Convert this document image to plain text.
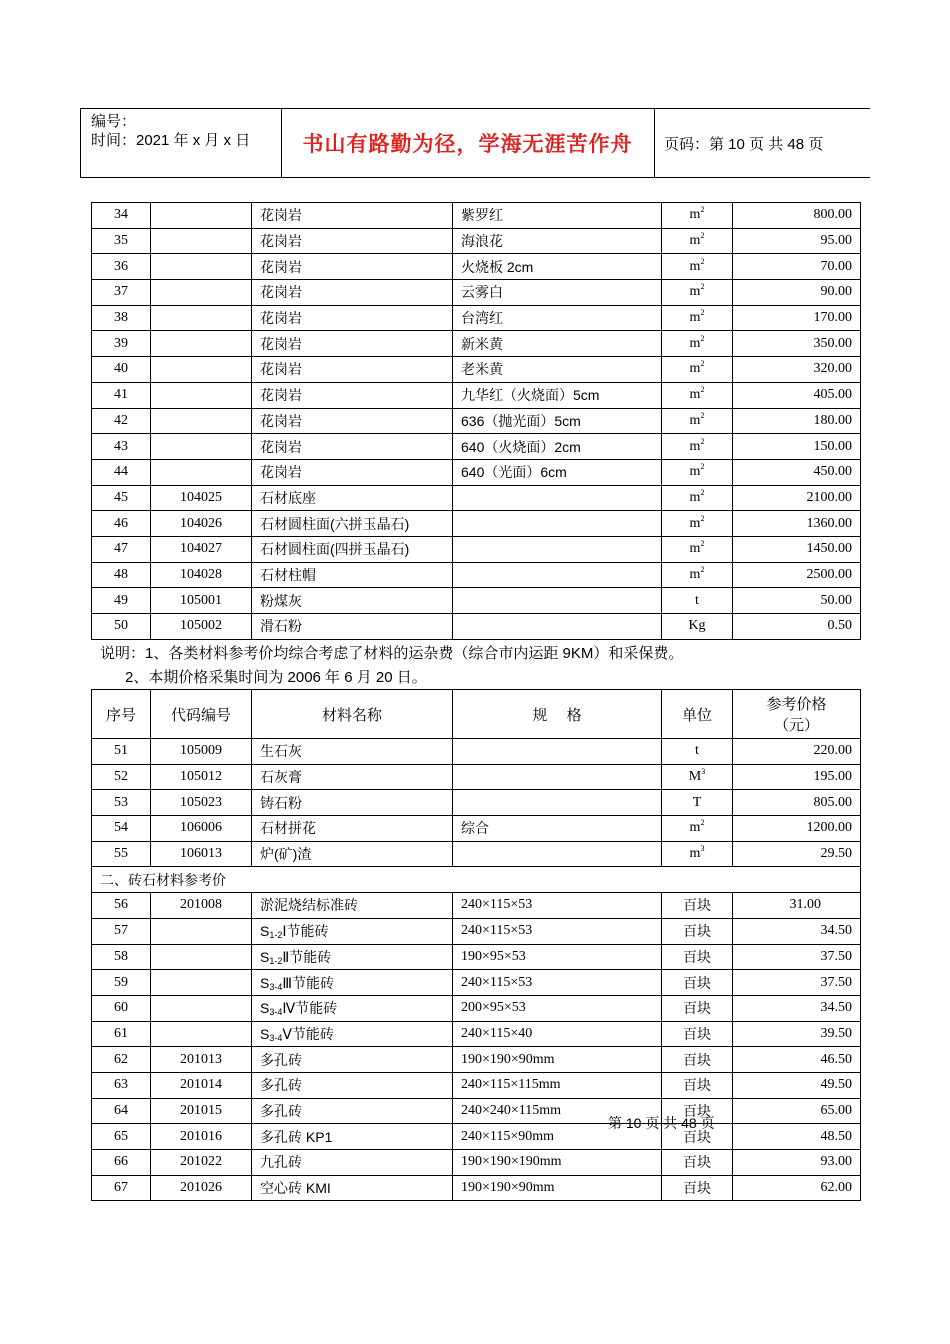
编号：
时间：2021 年 x 月 x 日	书山有路勤为径，学海无涯苦作舟	页码：第 10 页 共 48 页
34		花岗岩	紫罗红	$m^2$	800.00
35		花岗岩	海浪花	$m^2$	95.00
36		花岗岩	火烧板 2cm	$m^2$	70.00
37		花岗岩	云雾白	$m^2$	90.00
38		花岗岩	台湾红	$m^2$	170.00
39		花岗岩	新米黄	$m^2$	350.00
40		花岗岩	老米黄	$m^2$	320.00
41		花岗岩	九华红（火烧面）5cm	$m^2$	405.00
42		花岗岩	636（抛光面）5cm	$m^2$	180.00
43		花岗岩	640（火烧面）2cm	$m^2$	150.00
44		花岗岩	640（光面）6cm	$m^2$	450.00
45	104025	石材底座		$m^2$	2100.00
46	104026	石材圆柱面(六拼玉晶石)		$m^2$	1360.00
47	104027	石材圆柱面(四拼玉晶石)		$m^2$	1450.00
48	104028	石材柱帽		$m^2$	2500.00
49	105001	粉煤灰		t	50.00
50	105002	滑石粉		Kg	0.50
说明：1、各类材料参考价均综合考虑了材料的运杂费（综合市内运距 9KM）和采保费。
2、本期价格采集时间为 2006 年 6 月 20 日。
序号	代码编号	材料名称	规　 格	单位	参考价格
（元）

51	105009	生石灰		t	220.00
52	105012	石灰膏		$M^3$	195.00
53	105023	铸石粉		T	805.00
54	106006	石材拼花	综合	$m^2$	1200.00
55	106013	炉(矿)渣		$m^3$	29.50
二、砖石材料参考价					
56	201008	淤泥烧结标准砖	240×115×53	百块	31.00
57		$S_{1-2}Ⅰ$节能砖	240×115×53	百块	34.50
58		$S_{1-2}Ⅱ$节能砖	190×95×53	百块	37.50
59		$S_{3-4}Ⅲ$节能砖	240×115×53	百块	37.50
60		$S_{3-4}Ⅳ$节能砖	200×95×53	百块	34.50
61		$S_{3-4}Ⅴ$节能砖	240×115×40	百块	39.50
62	201013	多孔砖	190×190×90mm	百块	46.50
63	201014	多孔砖	240×115×115mm	百块	49.50
64	201015	多孔砖	240×240×115mm	百块	65.00
65	201016	多孔砖 KP1	240×115×90mm	百块	48.50
66	201022	九孔砖	190×190×190mm	百块	93.00
67	201026	空心砖 KMI	190×190×90mm	百块	62.00
第 10 页 共 48 页
